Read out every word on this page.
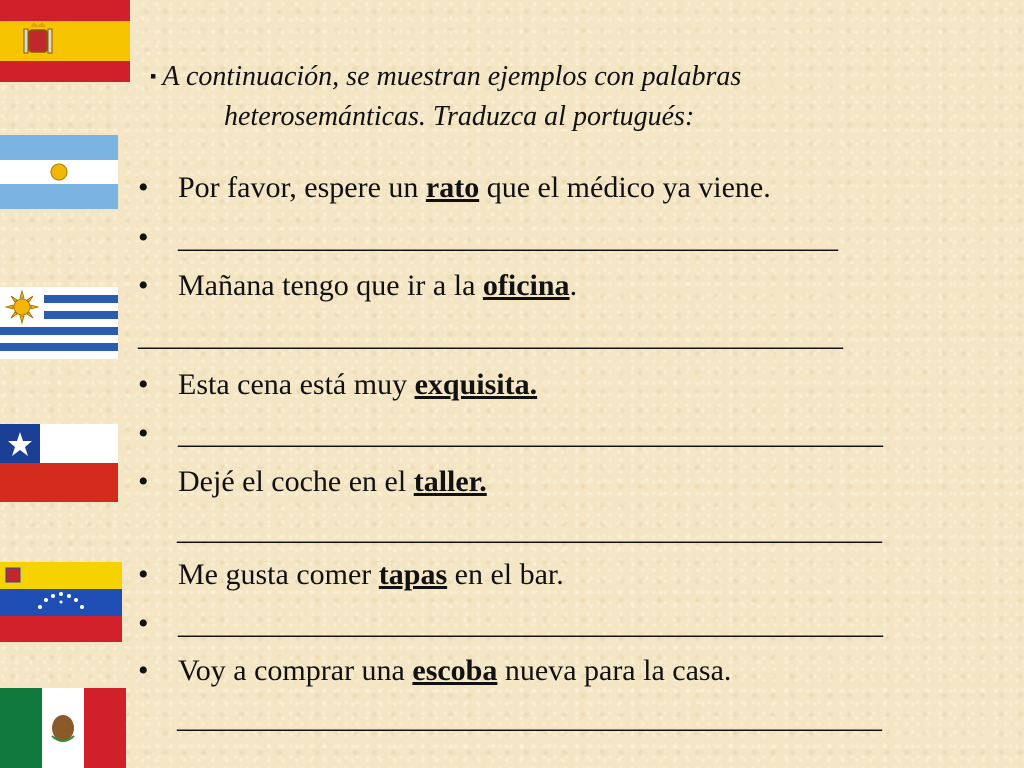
▪ A continuación, se muestran ejemplos con palabras
heterosemánticas. Traduzca al portugués:
• Por favor, espere un rato que el médico ya viene.
• ____________________________________________
• Mañana tengo que ir a la oficina.
_______________________________________________
• Esta cena está muy exquisita.
• _______________________________________________
• Dejé el coche en el taller.
_______________________________________________
• Me gusta comer tapas en el bar.
• _______________________________________________
• Voy a comprar una escoba nueva para la casa.
_______________________________________________
